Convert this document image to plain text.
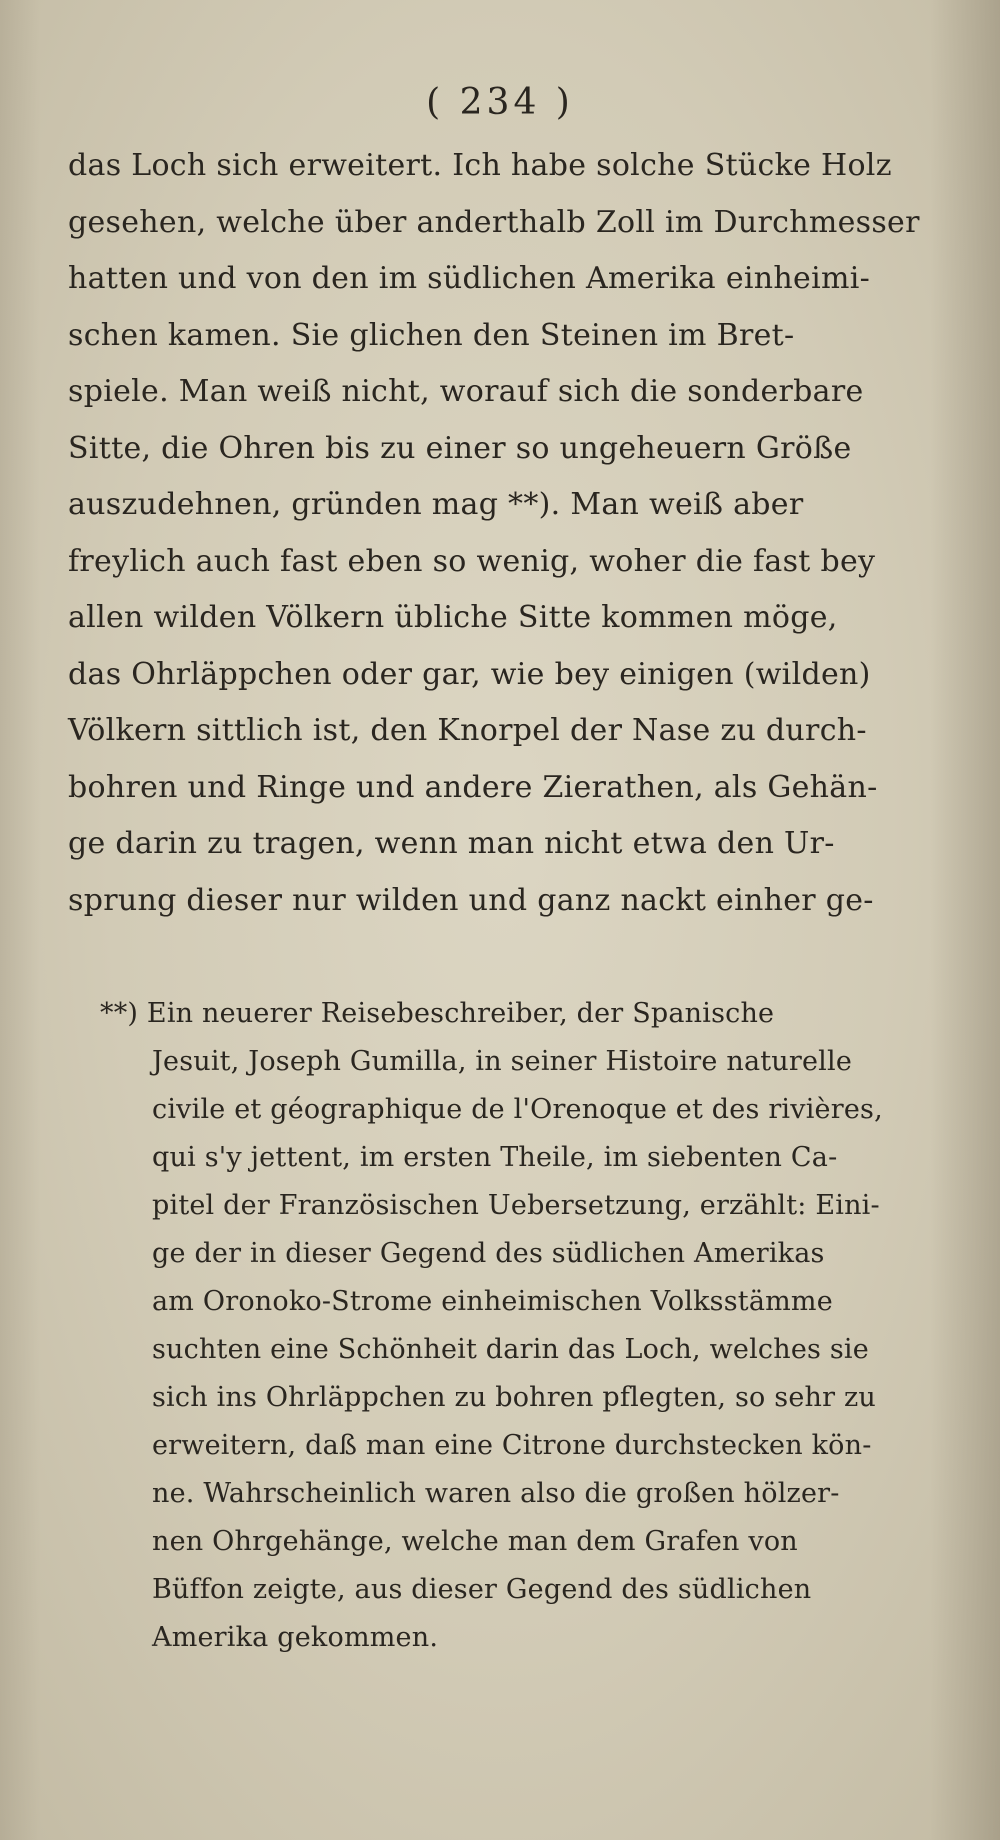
( 234 )
das Loch sich erweitert. Ich habe solche Stücke Holz
gesehen, welche über anderthalb Zoll im Durchmesser
hatten und von den im südlichen Amerika einheimi-
schen kamen. Sie glichen den Steinen im Bret-
spiele. Man weiß nicht, worauf sich die sonderbare
Sitte, die Ohren bis zu einer so ungeheuern Größe
auszudehnen, gründen mag **). Man weiß aber
freylich auch fast eben so wenig, woher die fast bey
allen wilden Völkern übliche Sitte kommen möge,
das Ohrläppchen oder gar, wie bey einigen (wilden)
Völkern sittlich ist, den Knorpel der Nase zu durch-
bohren und Ringe und andere Zierathen, als Gehän-
ge darin zu tragen, wenn man nicht etwa den Ur-
sprung dieser nur wilden und ganz nackt einher ge-
**) Ein neuerer Reisebeschreiber, der Spanische
Jesuit, Joseph Gumilla, in seiner Histoire naturelle
civile et géographique de l'Orenoque et des rivières,
qui s'y jettent, im ersten Theile, im siebenten Ca-
pitel der Französischen Uebersetzung, erzählt: Eini-
ge der in dieser Gegend des südlichen Amerikas
am Oronoko-Strome einheimischen Volksstämme
suchten eine Schönheit darin das Loch, welches sie
sich ins Ohrläppchen zu bohren pflegten, so sehr zu
erweitern, daß man eine Citrone durchstecken kön-
ne. Wahrscheinlich waren also die großen hölzer-
nen Ohrgehänge, welche man dem Grafen von
Büffon zeigte, aus dieser Gegend des südlichen
Amerika gekommen.
